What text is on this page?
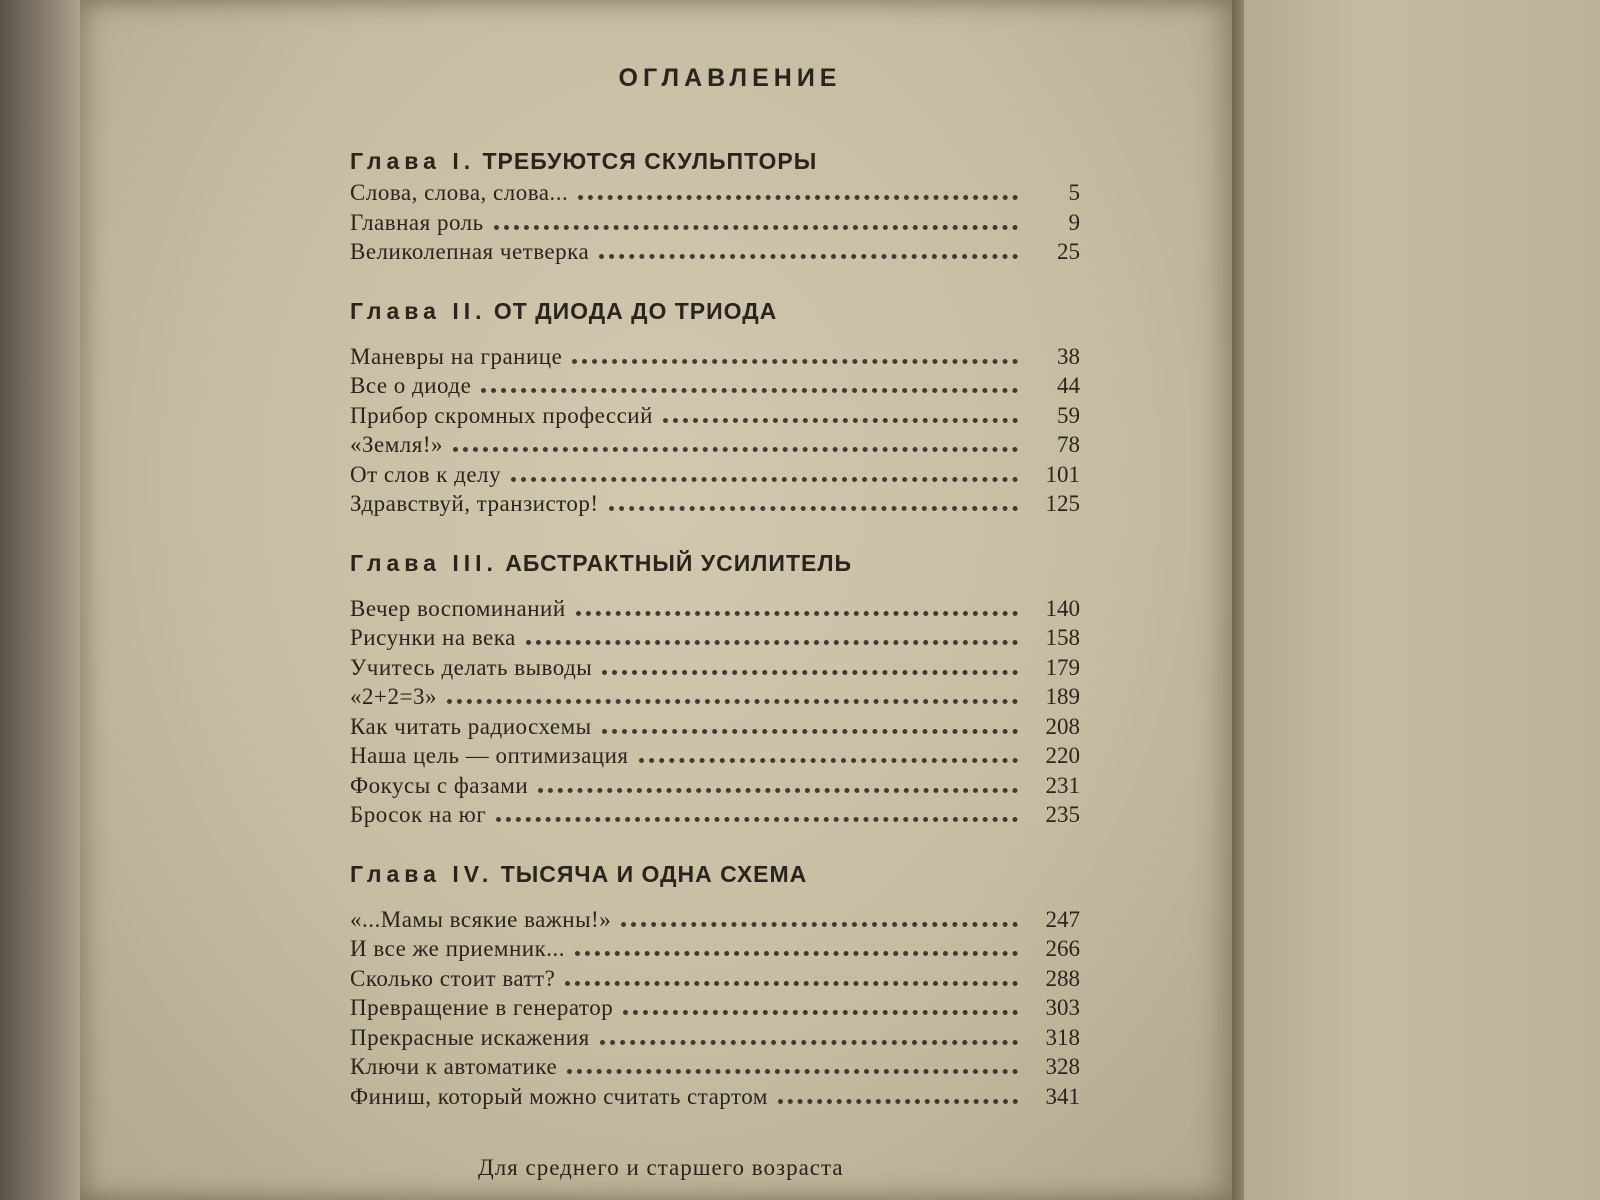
ОГЛАВЛЕНИЕ
Глава I. ТРЕБУЮТСЯ СКУЛЬПТОРЫ
Слова, слова, слова...	5
Главная роль	9
Великолепная четверка	25
Глава II. ОТ ДИОДА ДО ТРИОДА
Маневры на границе	38
Все о диоде	44
Прибор скромных профессий	59
«Земля!»	78
От слов к делу	101
Здравствуй, транзистор!	125
Глава III. АБСТРАКТНЫЙ УСИЛИТЕЛЬ
Вечер воспоминаний	140
Рисунки на века	158
Учитесь делать выводы	179
«2+2=3»	189
Как читать радиосхемы	208
Наша цель — оптимизация	220
Фокусы с фазами	231
Бросок на юг	235
Глава IV. ТЫСЯЧА И ОДНА СХЕМА
«...Мамы всякие важны!»	247
И все же приемник...	266
Сколько стоит ватт?	288
Превращение в генератор	303
Прекрасные искажения	318
Ключи к автоматике	328
Финиш, который можно считать стартом	341
Для среднего и старшего возраста
